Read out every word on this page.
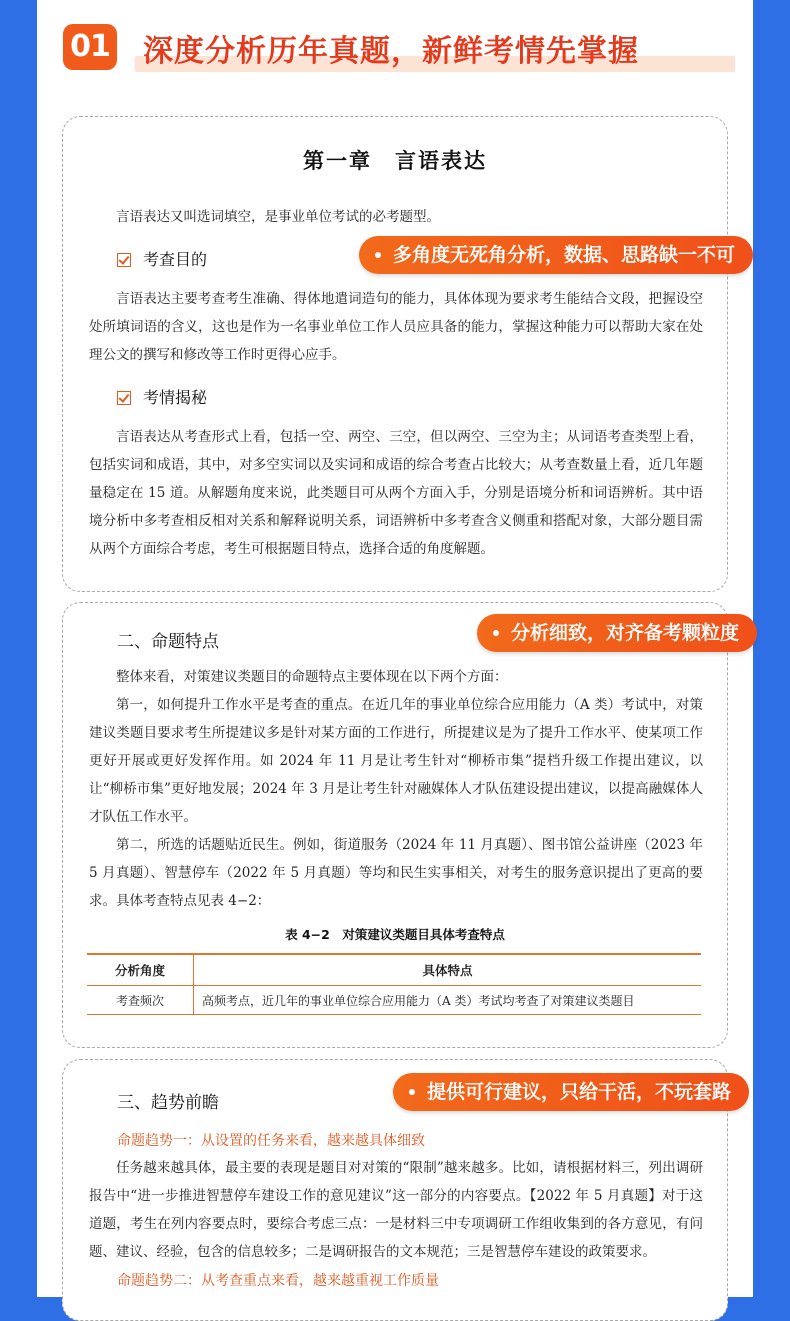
01 深度分析历年真题，新鲜考情先掌握
第一章　言语表达
言语表达又叫选词填空，是事业单位考试的必考题型。
考查目的
言语表达主要考查考生准确、得体地遣词造句的能力，具体体现为要求考生能结合文段，把握设空处所填词语的含义，这也是作为一名事业单位工作人员应具备的能力，掌握这种能力可以帮助大家在处理公文的撰写和修改等工作时更得心应手。
考情揭秘
言语表达从考查形式上看，包括一空、两空、三空，但以两空、三空为主；从词语考查类型上看，包括实词和成语，其中，对多空实词以及实词和成语的综合考查占比较大；从考查数量上看，近几年题量稳定在 15 道。从解题角度来说，此类题目可从两个方面入手，分别是语境分析和词语辨析。其中语境分析中多考查相反相对关系和解释说明关系，词语辨析中多考查含义侧重和搭配对象，大部分题目需从两个方面综合考虑，考生可根据题目特点，选择合适的角度解题。
二、命题特点
整体来看，对策建议类题目的命题特点主要体现在以下两个方面：
第一，如何提升工作水平是考查的重点。在近几年的事业单位综合应用能力（A 类）考试中，对策建议类题目要求考生所提建议多是针对某方面的工作进行，所提建议是为了提升工作水平、使某项工作更好开展或更好发挥作用。如 2024 年 11 月是让考生针对“柳桥市集”提档升级工作提出建议，以让“柳桥市集”更好地发展；2024 年 3 月是让考生针对融媒体人才队伍建设提出建议，以提高融媒体人才队伍工作水平。
第二，所选的话题贴近民生。例如，街道服务（2024 年 11 月真题）、图书馆公益讲座（2023 年 5 月真题）、智慧停车（2022 年 5 月真题）等均和民生实事相关，对考生的服务意识提出了更高的要求。 具体考查特点见表 4−2：
表 4−2　对策建议类题目具体考查特点
分析角度	具体特点
考查频次	高频考点，近几年的事业单位综合应用能力（A 类）考试均考查了对策建议类题目
三、趋势前瞻
命题趋势一：从设置的任务来看，越来越具体细致
任务越来越具体，最主要的表现是题目对对策的“限制”越来越多。比如，请根据材料三，列出调研报告中“进一步推进智慧停车建设工作的意见建议”这一部分的内容要点。【2022 年 5 月真题】对于这道题，考生在列内容要点时，要综合考虑三点：一是材料三中专项调研工作组收集到的各方意见，有问题、建议、经验，包含的信息较多；二是调研报告的文本规范；三是智慧停车建设的政策要求。
命题趋势二：从考查重点来看，越来越重视工作质量
多角度无死角分析，数据、思路缺一不可
分析细致，对齐备考颗粒度
提供可行建议，只给干活，不玩套路
